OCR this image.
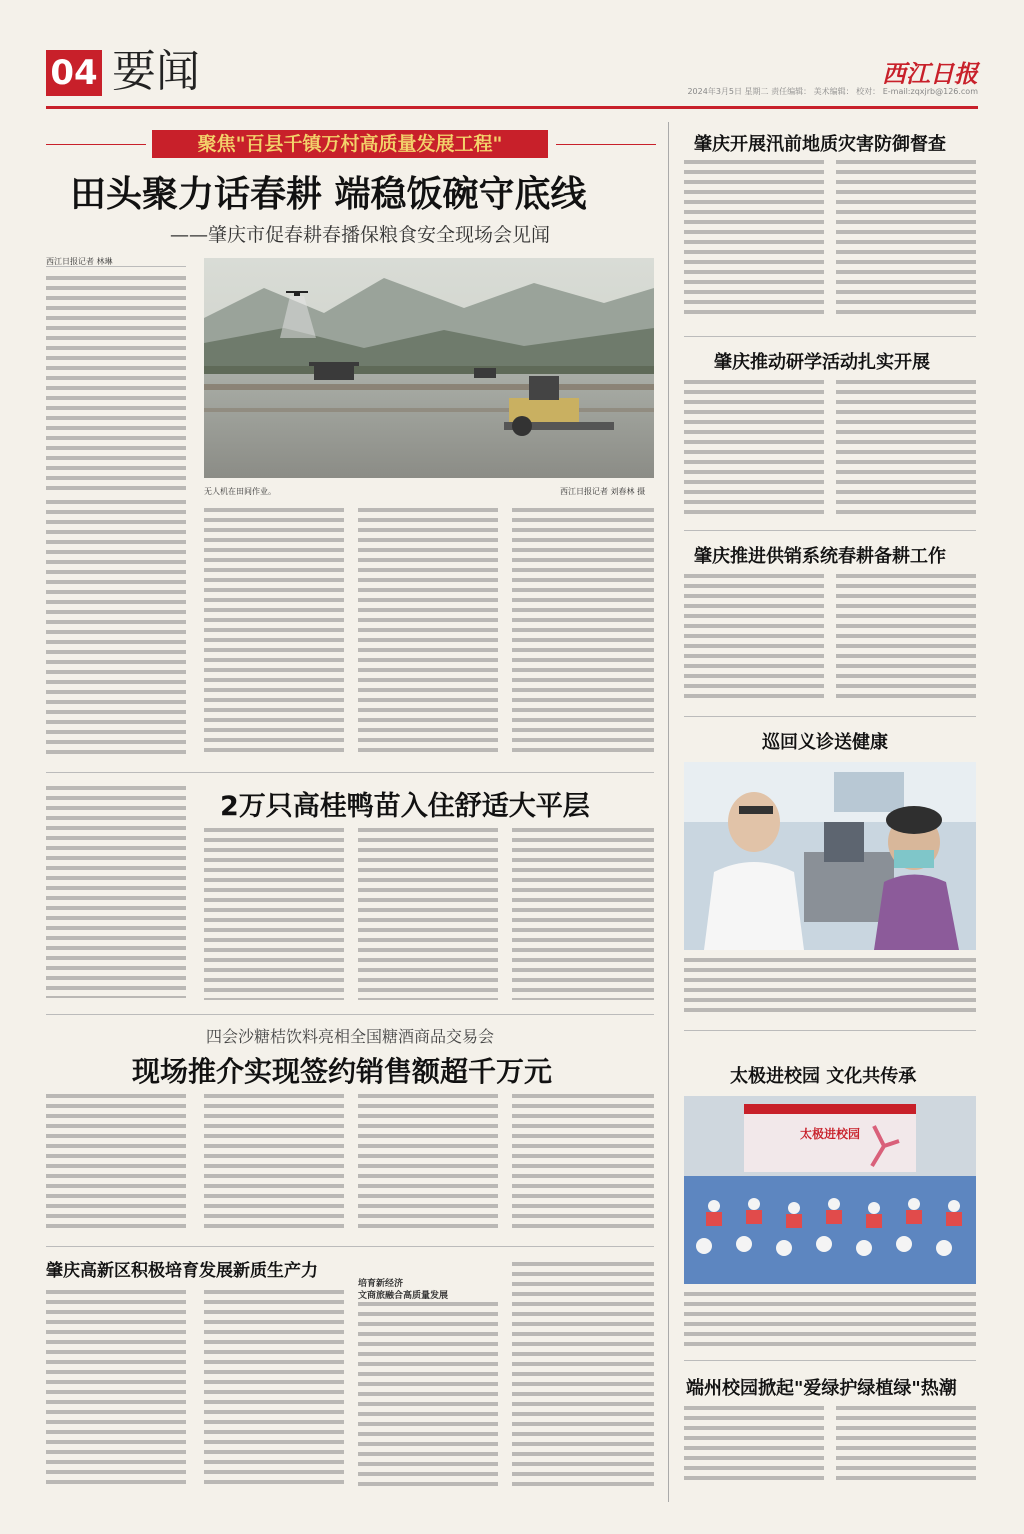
04 要闻	西江日报
2024年3月5日 星期二 责任编辑： 美术编辑： 校对： E-mail:zqxjrb@126.com
聚焦"百县千镇万村高质量发展工程"
田头聚力话春耕 端稳饭碗守底线
——肇庆市促春耕春播保粮食安全现场会见闻
西江日报记者 林琳
无人机在田间作业。	西江日报记者 刘春林 摄
2万只高桂鸭苗入住舒适大平层
四会沙糖桔饮料亮相全国糖酒商品交易会
现场推介实现签约销售额超千万元
肇庆高新区积极培育发展新质生产力
培育新经济
文商旅融合高质量发展
肇庆开展汛前地质灾害防御督查
肇庆推动研学活动扎实开展
肇庆推进供销系统春耕备耕工作
巡回义诊送健康
太极进校园 文化共传承
太极进校园
端州校园掀起"爱绿护绿植绿"热潮
